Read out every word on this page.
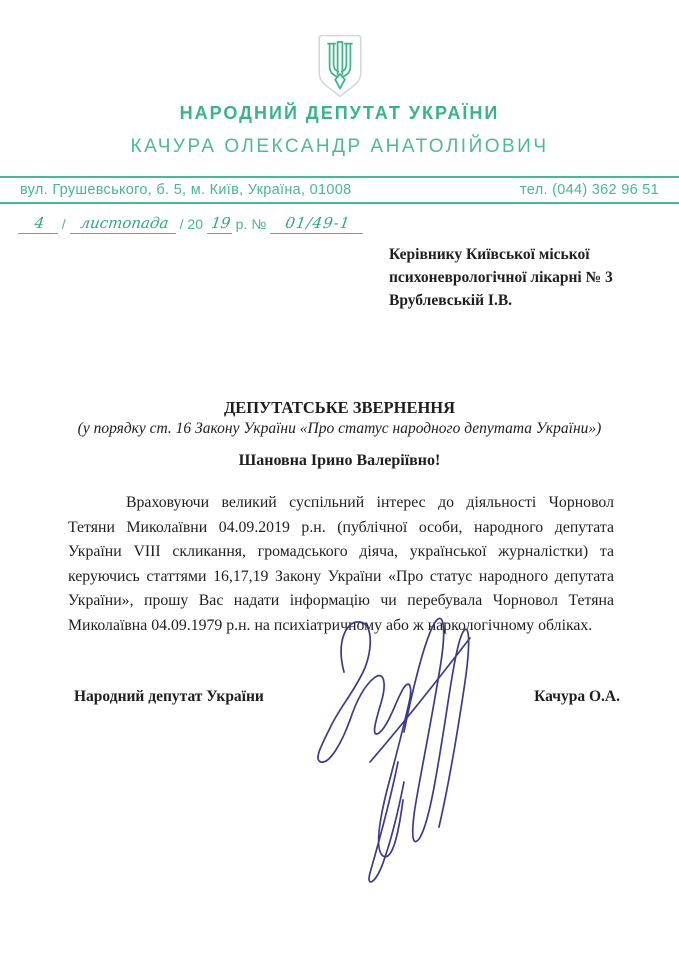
НАРОДНИЙ ДЕПУТАТ УКРАЇНИ
КАЧУРА ОЛЕКСАНДР АНАТОЛІЙОВИЧ
вул. Грушевського, б. 5, м. Київ, Україна, 01008	тел. (044) 362 96 51
4	/ листопада / 20 19 р. №	01/49-1
Керівнику Київської міської
психоневрологічної лікарні № 3
Врублевській І.В.
ДЕПУТАТСЬКЕ ЗВЕРНЕННЯ
(у порядку ст. 16 Закону України «Про статус народного депутата України»)
Шановна Ірино Валеріївно!
Враховуючи великий суспільний інтерес до діяльності Чорновол Тетяни Миколаївни 04.09.2019 р.н. (публічної особи, народного депутата України VIII скликання, громадського діяча, української журналістки) та керуючись статтями 16,17,19 Закону України «Про статус народного депутата України», прошу Вас надати інформацію чи перебувала Чорновол Тетяна Миколаївна 04.09.1979 р.н. на психіатричному або ж наркологічному обліках.
Народний депутат України	Качура О.А.
